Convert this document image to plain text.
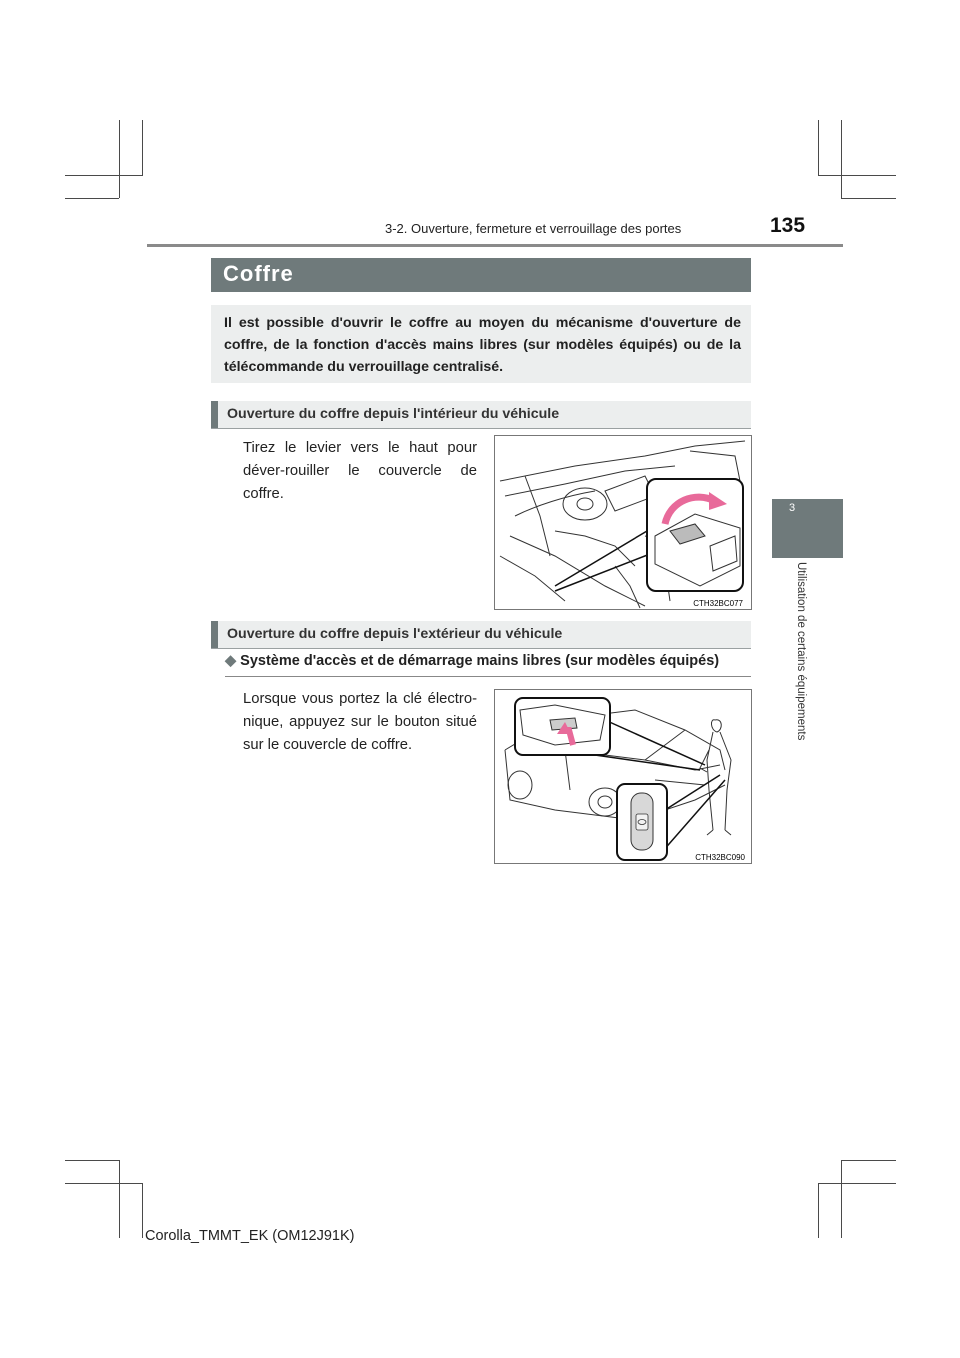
3-2. Ouverture, fermeture et verrouillage des portes	135
3
Utilisation de certains équipements
Coffre
Il est possible d'ouvrir le coffre au moyen du mécanisme d'ouverture de coffre, de la fonction d'accès mains libres (sur modèles équipés) ou de la télécommande du verrouillage centralisé.
Ouverture du coffre depuis l'intérieur du véhicule
Tirez le levier vers le haut pour déver-rouiller le couvercle de coffre.
CTH32BC077
Ouverture du coffre depuis l'extérieur du véhicule
◆ Système d'accès et de démarrage mains libres (sur modèles équipés)
Lorsque vous portez la clé électro-nique, appuyez sur le bouton situé sur le couvercle de coffre.
CTH32BC090
Corolla_TMMT_EK (OM12J91K)
